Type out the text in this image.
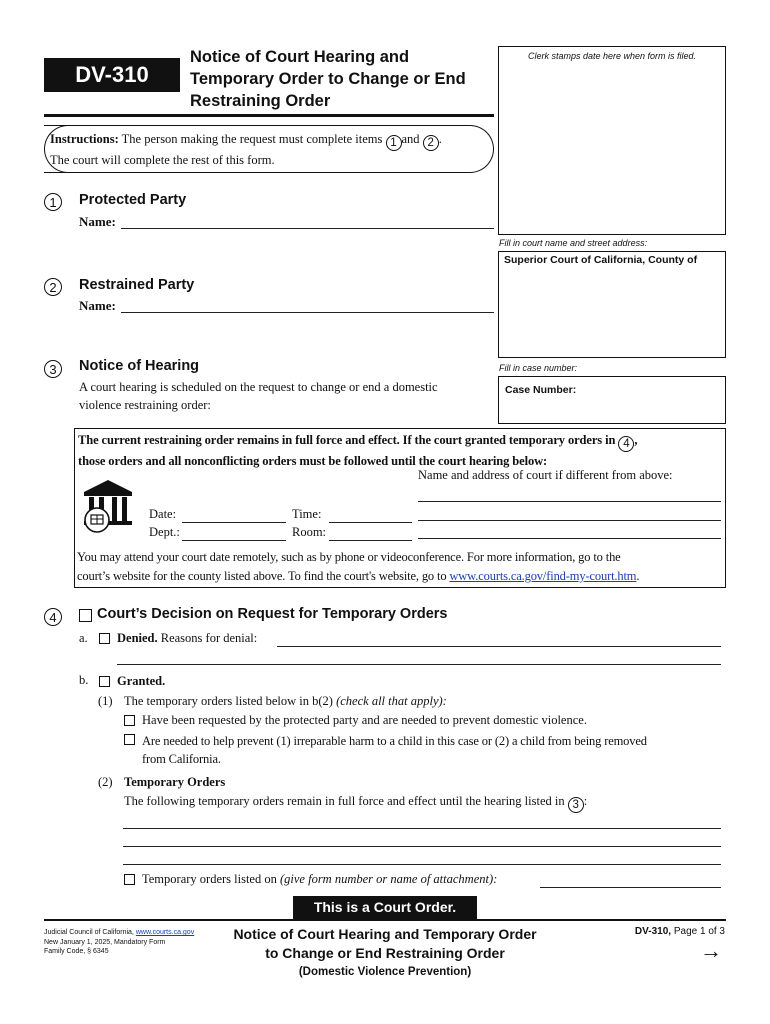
DV-310
Notice of Court Hearing and
Temporary Order to Change or End
Restraining Order
Clerk stamps date here when form is filed.
Instructions: The person making the request must complete items 1 and 2 .
The court will complete the rest of this form.
Fill in court name and street address:
Superior Court of California, County of
Fill in case number:
Case Number:
1	Protected Party
Name:
2	Restrained Party
Name:
3	Notice of Hearing
A court hearing is scheduled on the request to change or end a domestic
violence restraining order:
The current restraining order remains in full force and effect. If the court granted temporary orders in 4 ,
those orders and all nonconflicting orders must be followed until the court hearing below:
Name and address of court if different from above:
Date:	Time:
Dept.:	Room:
You may attend your court date remotely, such as by phone or videoconference. For more information, go to the
court’s website for the county listed above. To find the court's website, go to www.courts.ca.gov/find-my-court.htm.
4	Court’s Decision on Request for Temporary Orders
a. Denied. Reasons for denial:
b. Granted.
(1) The temporary orders listed below in b(2) (check all that apply):
Have been requested by the protected party and are needed to prevent domestic violence.
Are needed to help prevent (1) irreparable harm to a child in this case or (2) a child from being removed
from California.
(2) Temporary Orders
The following temporary orders remain in full force and effect until the hearing listed in 3 :
Temporary orders listed on (give form number or name of attachment):
This is a Court Order.
Judicial Council of California, www.courts.ca.gov
New January 1, 2025, Mandatory Form
Family Code, § 6345
Notice of Court Hearing and Temporary Order
to Change or End Restraining Order
(Domestic Violence Prevention)
DV-310, Page 1 of 3
→
